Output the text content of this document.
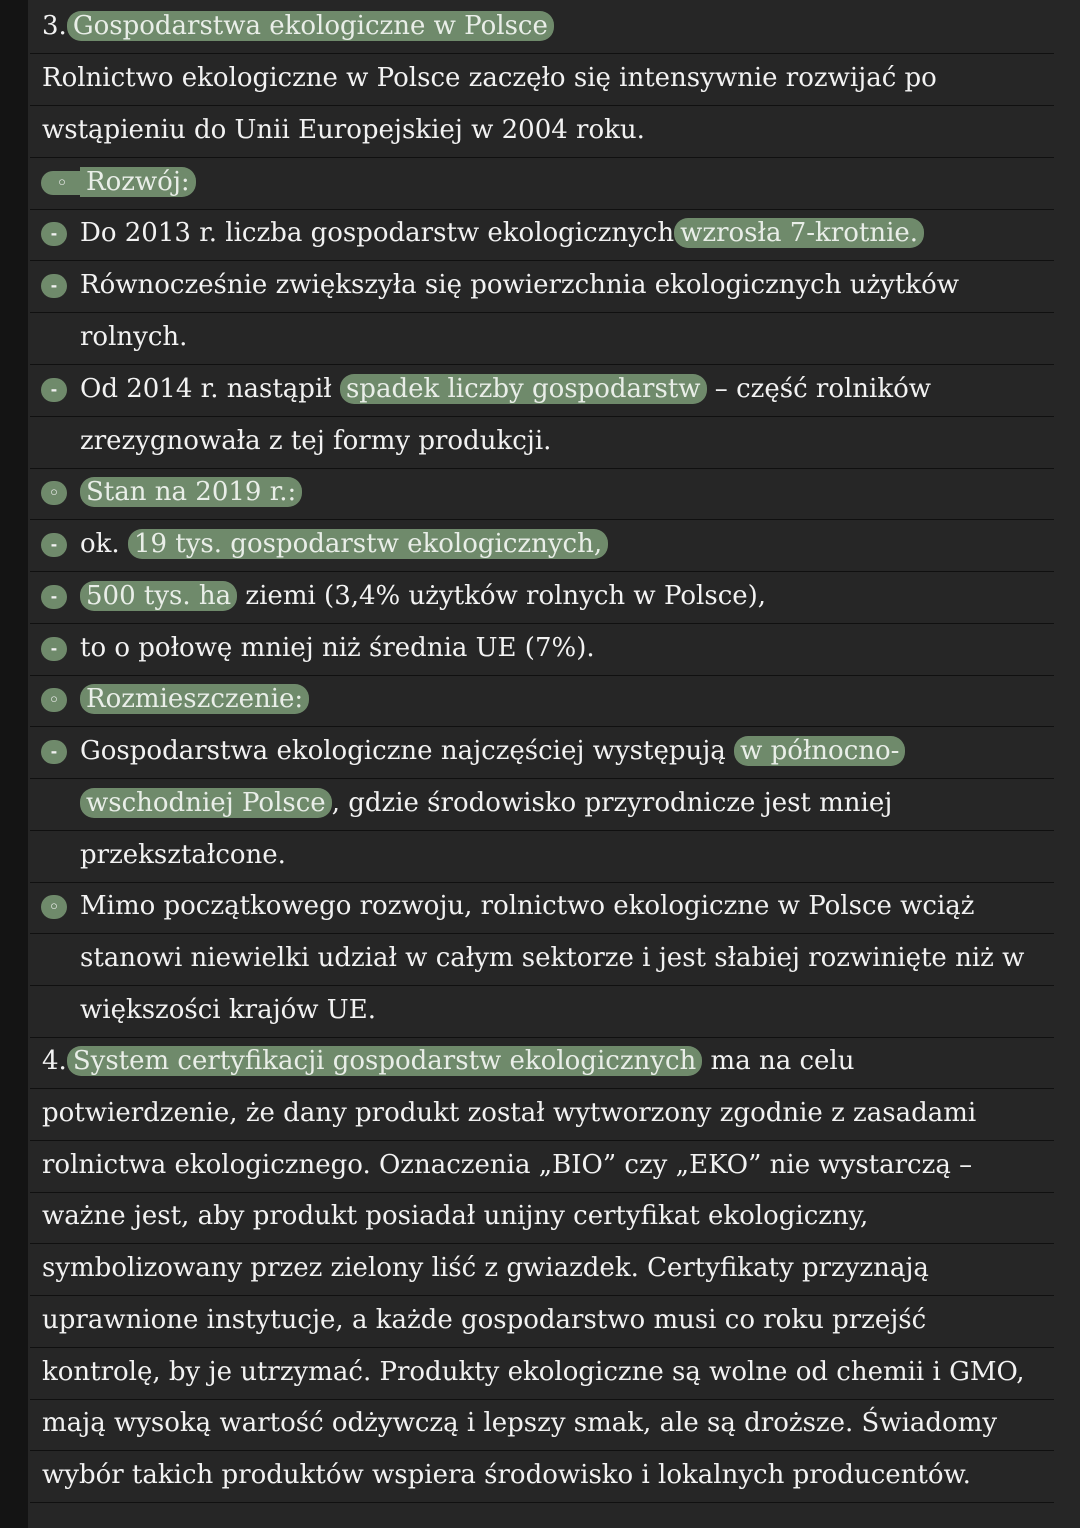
3. Gospodarstwa ekologiczne w Polsce
Rolnictwo ekologiczne w Polsce zaczęło się intensywnie rozwijać po
wstąpieniu do Unii Europejskiej w 2004 roku.
◦
Rozwój:
-
Do 2013 r. liczba gospodarstw ekologicznych wzrosła 7-krotnie.
-
Równocześnie zwiększyła się powierzchnia ekologicznych użytków
rolnych.
-
Od 2014 r. nastąpił spadek liczby gospodarstw – część rolników
zrezygnowała z tej formy produkcji.
◦
Stan na 2019 r.:
-
ok. 19 tys. gospodarstw ekologicznych,
-
500 tys. ha ziemi (3,4% użytków rolnych w Polsce),
-
to o połowę mniej niż średnia UE (7%).
◦
Rozmieszczenie:
-
Gospodarstwa ekologiczne najczęściej występują w północno-
wschodniej Polsce , gdzie środowisko przyrodnicze jest mniej
przekształcone.
◦
Mimo początkowego rozwoju, rolnictwo ekologiczne w Polsce wciąż
stanowi niewielki udział w całym sektorze i jest słabiej rozwinięte niż w
większości krajów UE.
4. System certyfikacji gospodarstw ekologicznych ma na celu
potwierdzenie, że dany produkt został wytworzony zgodnie z zasadami
rolnictwa ekologicznego. Oznaczenia „BIO” czy „EKO” nie wystarczą –
ważne jest, aby produkt posiadał unijny certyfikat ekologiczny,
symbolizowany przez zielony liść z gwiazdek. Certyfikaty przyznają
uprawnione instytucje, a każde gospodarstwo musi co roku przejść
kontrolę, by je utrzymać. Produkty ekologiczne są wolne od chemii i GMO,
mają wysoką wartość odżywczą i lepszy smak, ale są droższe. Świadomy
wybór takich produktów wspiera środowisko i lokalnych producentów.
